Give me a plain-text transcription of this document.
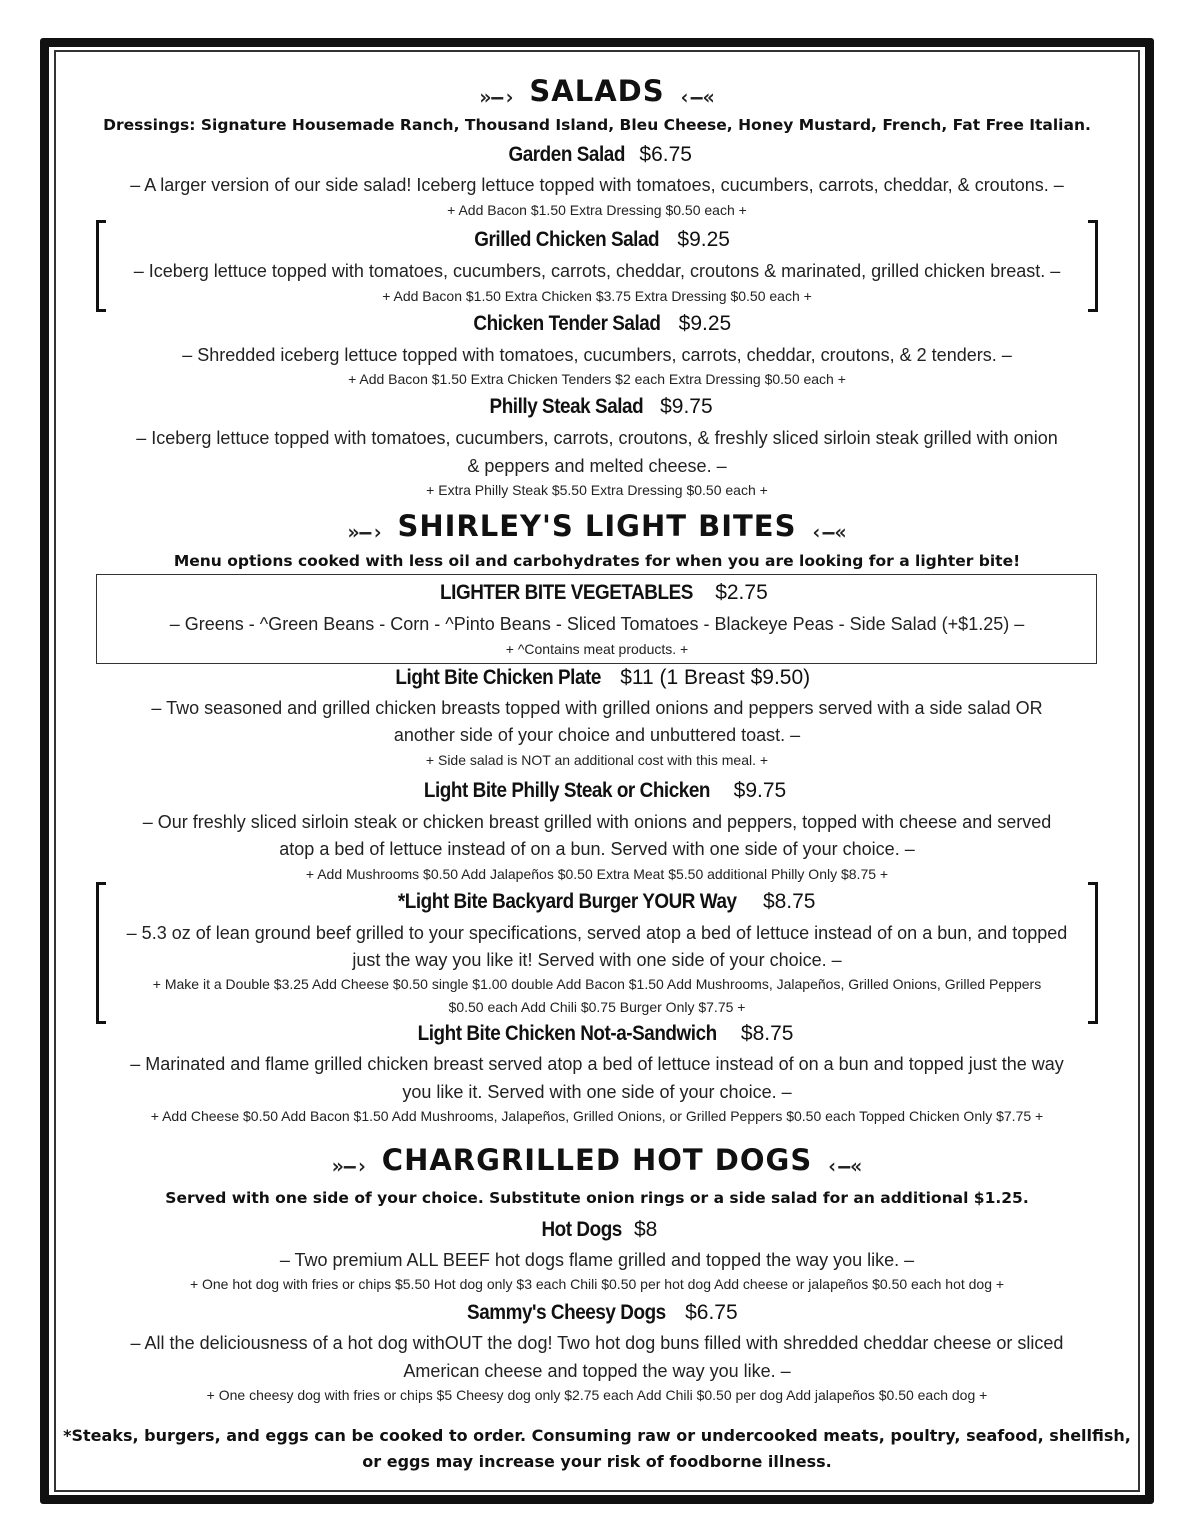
»—› SALADS ‹—«
Dressings: Signature Housemade Ranch, Thousand Island, Bleu Cheese, Honey Mustard, French, Fat Free Italian.
Garden Salad $6.75
– A larger version of our side salad! Iceberg lettuce topped with tomatoes, cucumbers, carrots, cheddar, & croutons. –
+ Add Bacon $1.50 Extra Dressing $0.50 each +
Grilled Chicken Salad $9.25
– Iceberg lettuce topped with tomatoes, cucumbers, carrots, cheddar, croutons & marinated, grilled chicken breast. –
+ Add Bacon $1.50 Extra Chicken $3.75 Extra Dressing $0.50 each +
Chicken Tender Salad $9.25
– Shredded iceberg lettuce topped with tomatoes, cucumbers, carrots, cheddar, croutons, & 2 tenders. –
+ Add Bacon $1.50 Extra Chicken Tenders $2 each Extra Dressing $0.50 each +
Philly Steak Salad $9.75
– Iceberg lettuce topped with tomatoes, cucumbers, carrots, croutons, & freshly sliced sirloin steak grilled with onion
& peppers and melted cheese. –
+ Extra Philly Steak $5.50 Extra Dressing $0.50 each +
»—› SHIRLEY'S LIGHT BITES ‹—«
Menu options cooked with less oil and carbohydrates for when you are looking for a lighter bite!
LIGHTER BITE VEGETABLES $2.75
– Greens - ^Green Beans - Corn - ^Pinto Beans - Sliced Tomatoes - Blackeye Peas - Side Salad (+$1.25) –
+ ^Contains meat products. +
Light Bite Chicken Plate $11 (1 Breast $9.50)
– Two seasoned and grilled chicken breasts topped with grilled onions and peppers served with a side salad OR
another side of your choice and unbuttered toast. –
+ Side salad is NOT an additional cost with this meal. +
Light Bite Philly Steak or Chicken $9.75
– Our freshly sliced sirloin steak or chicken breast grilled with onions and peppers, topped with cheese and served
atop a bed of lettuce instead of on a bun. Served with one side of your choice. –
+ Add Mushrooms $0.50 Add Jalapeños $0.50 Extra Meat $5.50 additional Philly Only $8.75 +
*Light Bite Backyard Burger YOUR Way $8.75
– 5.3 oz of lean ground beef grilled to your specifications, served atop a bed of lettuce instead of on a bun, and topped
just the way you like it! Served with one side of your choice. –
+ Make it a Double $3.25 Add Cheese $0.50 single $1.00 double Add Bacon $1.50 Add Mushrooms, Jalapeños, Grilled Onions, Grilled Peppers
$0.50 each Add Chili $0.75 Burger Only $7.75 +
Light Bite Chicken Not-a-Sandwich $8.75
– Marinated and flame grilled chicken breast served atop a bed of lettuce instead of on a bun and topped just the way
you like it. Served with one side of your choice. –
+ Add Cheese $0.50 Add Bacon $1.50 Add Mushrooms, Jalapeños, Grilled Onions, or Grilled Peppers $0.50 each Topped Chicken Only $7.75 +
»—› CHARGRILLED HOT DOGS ‹—«
Served with one side of your choice. Substitute onion rings or a side salad for an additional $1.25.
Hot Dogs $8
– Two premium ALL BEEF hot dogs flame grilled and topped the way you like. –
+ One hot dog with fries or chips $5.50 Hot dog only $3 each Chili $0.50 per hot dog Add cheese or jalapeños $0.50 each hot dog +
Sammy's Cheesy Dogs $6.75
– All the deliciousness of a hot dog withOUT the dog! Two hot dog buns filled with shredded cheddar cheese or sliced
American cheese and topped the way you like. –
+ One cheesy dog with fries or chips $5 Cheesy dog only $2.75 each Add Chili $0.50 per dog Add jalapeños $0.50 each dog +
*Steaks, burgers, and eggs can be cooked to order. Consuming raw or undercooked meats, poultry, seafood, shellfish,
or eggs may increase your risk of foodborne illness.
